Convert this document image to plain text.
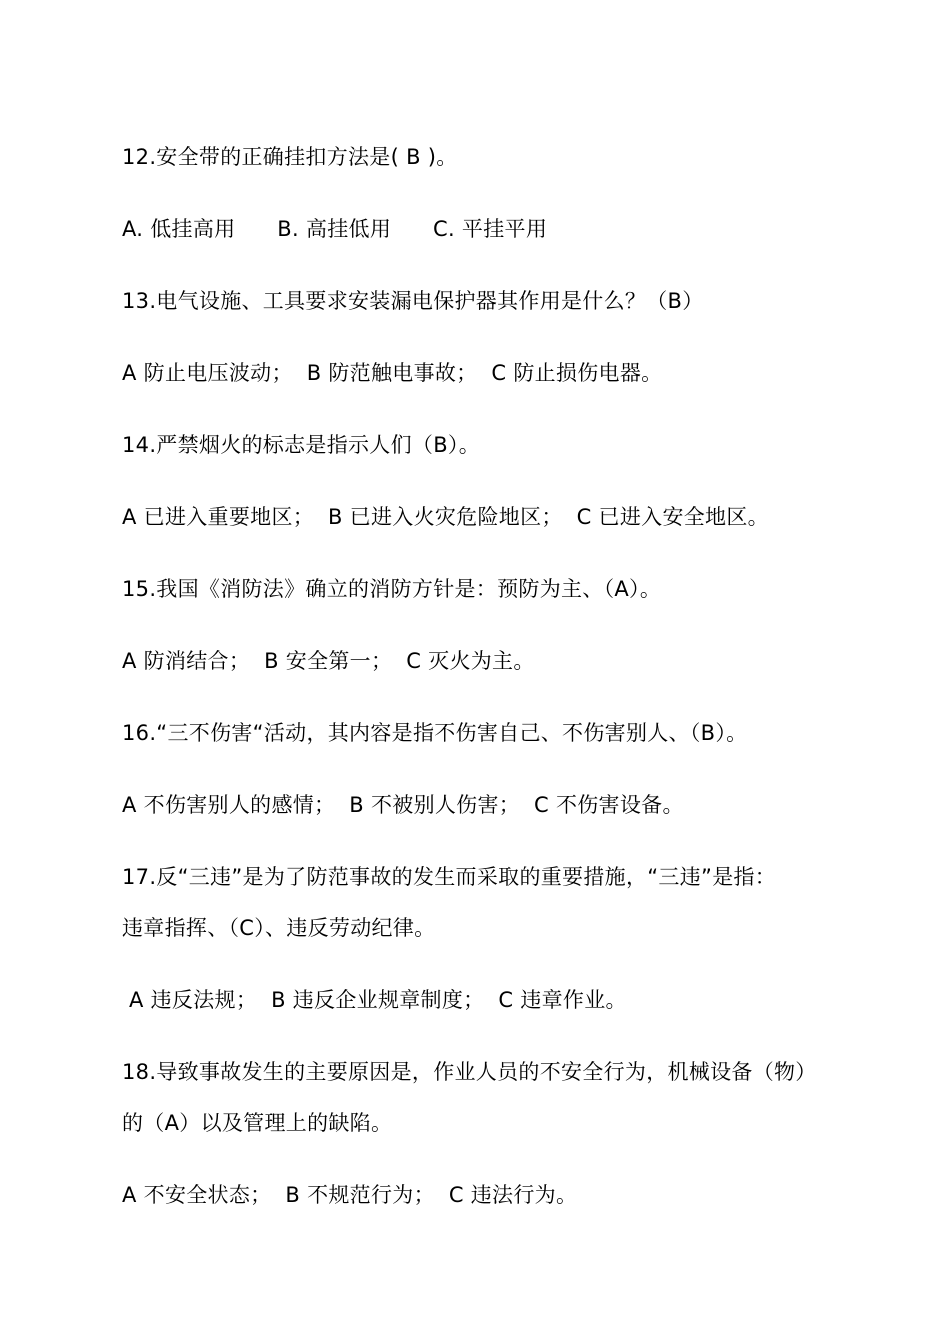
12.安全带的正确挂扣方法是( B )。
A. 低挂高用      B. 高挂低用      C. 平挂平用
13.电气设施、工具要求安装漏电保护器其作用是什么？（B）
A 防止电压波动；  B 防范触电事故；  C 防止损伤电器。
14.严禁烟火的标志是指示人们（B）。
A 已进入重要地区；  B 已进入火灾危险地区；  C 已进入安全地区。
15.我国《消防法》确立的消防方针是：预防为主、（A）。
A 防消结合；  B 安全第一；  C 灭火为主。
16.“三不伤害“活动，其内容是指不伤害自己、不伤害别人、（B）。
A 不伤害别人的感情；  B 不被别人伤害；  C 不伤害设备。
17.反“三违”是为了防范事故的发生而采取的重要措施，“三违”是指：
违章指挥、（C）、违反劳动纪律。
A 违反法规；  B 违反企业规章制度；  C 违章作业。
18.导致事故发生的主要原因是，作业人员的不安全行为，机械设备（物）
的（A）以及管理上的缺陷。
A 不安全状态；  B 不规范行为；  C 违法行为。
